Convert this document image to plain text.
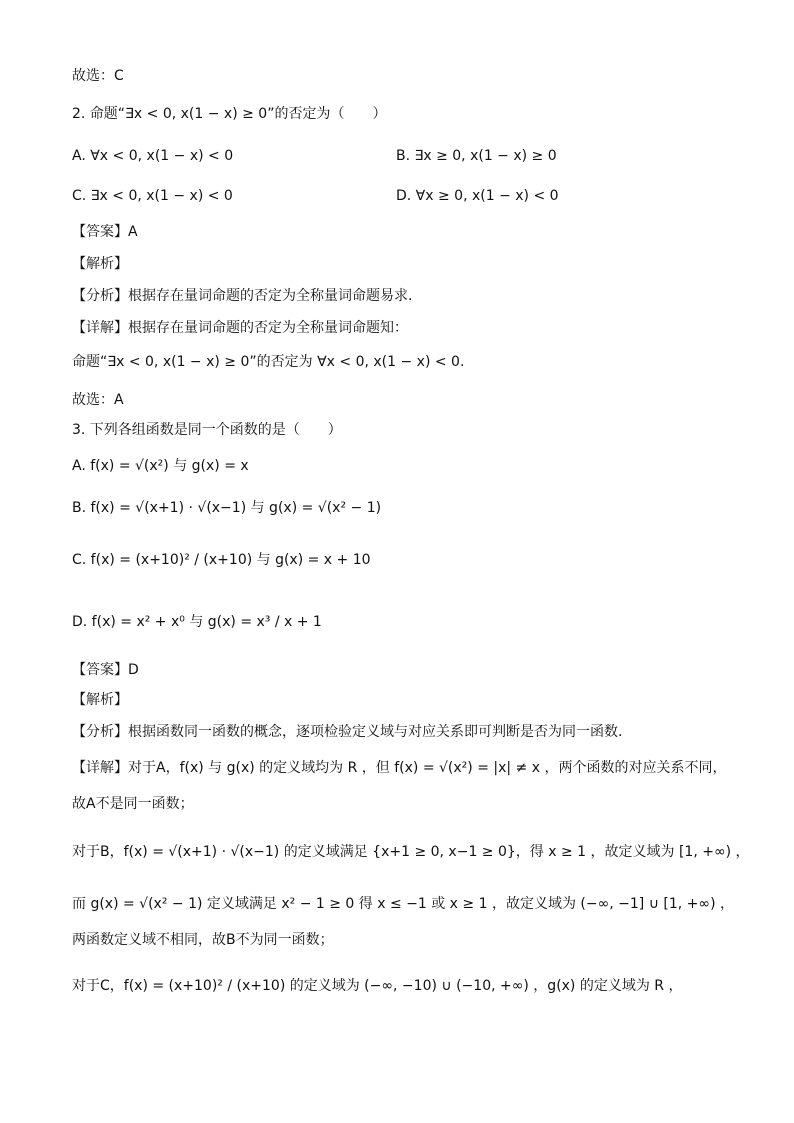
故选：C
2. 命题“∃x < 0, x(1 − x) ≥ 0”的否定为（　　）
A. ∀x < 0, x(1 − x) < 0	B. ∃x ≥ 0, x(1 − x) ≥ 0
C. ∃x < 0, x(1 − x) < 0	D. ∀x ≥ 0, x(1 − x) < 0
【答案】A
【解析】
【分析】根据存在量词命题的否定为全称量词命题易求.
【详解】根据存在量词命题的否定为全称量词命题知：
命题“∃x < 0, x(1 − x) ≥ 0”的否定为 ∀x < 0, x(1 − x) < 0.
故选：A
3. 下列各组函数是同一个函数的是（　　）
A. f(x) = √(x²) 与 g(x) = x
B. f(x) = √(x+1) · √(x−1) 与 g(x) = √(x² − 1)
C. f(x) = (x+10)² / (x+10) 与 g(x) = x + 10
D. f(x) = x² + x⁰ 与 g(x) = x³ / x + 1
【答案】D
【解析】
【分析】根据函数同一函数的概念，逐项检验定义域与对应关系即可判断是否为同一函数.
【详解】对于A，f(x) 与 g(x) 的定义域均为 R ，但 f(x) = √(x²) = |x| ≠ x ，两个函数的对应关系不同，
故A不是同一函数；
对于B，f(x) = √(x+1) · √(x−1) 的定义域满足 {x+1 ≥ 0, x−1 ≥ 0}，得 x ≥ 1 ，故定义域为 [1, +∞) ，
而 g(x) = √(x² − 1) 定义域满足 x² − 1 ≥ 0 得 x ≤ −1 或 x ≥ 1 ，故定义域为 (−∞, −1] ∪ [1, +∞) ，
两函数定义域不相同，故B不为同一函数；
对于C，f(x) = (x+10)² / (x+10) 的定义域为 (−∞, −10) ∪ (−10, +∞) ，g(x) 的定义域为 R ，
